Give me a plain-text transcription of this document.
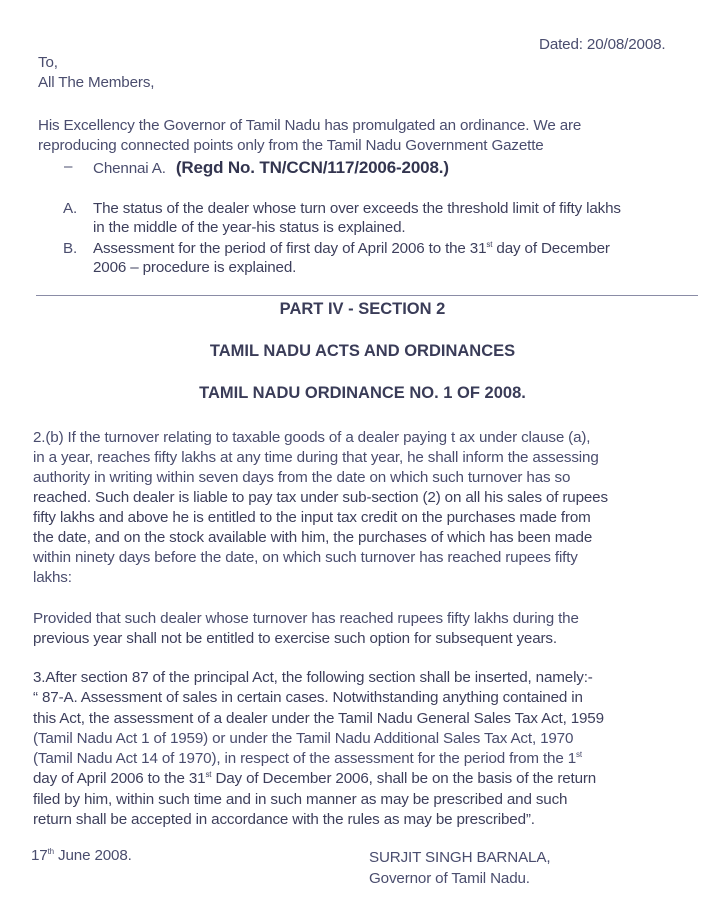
Dated: 20/08/2008.
To,
All The Members,
His Excellency the Governor of Tamil Nadu has promulgated an ordinance. We are
reproducing connected points only from the Tamil Nadu Government Gazette
– Chennai A. (Regd No. TN/CCN/117/2006-2008.)
A. The status of the dealer whose turn over exceeds the threshold limit of fifty lakhs
in the middle of the year-his status is explained.
B. Assessment for the period of first day of April 2006 to the 31st day of December
2006 – procedure is explained.
PART IV - SECTION 2
TAMIL NADU ACTS AND ORDINANCES
TAMIL NADU ORDINANCE NO. 1 OF 2008.
2.(b) If the turnover relating to taxable goods of a dealer paying t ax under clause (a),
in a year, reaches fifty lakhs at any time during that year, he shall inform the assessing
authority in writing within seven days from the date on which such turnover has so
reached. Such dealer is liable to pay tax under sub-section (2) on all his sales of rupees
fifty lakhs and above he is entitled to the input tax credit on the purchases made from
the date, and on the stock available with him, the purchases of which has been made
within ninety days before the date, on which such turnover has reached rupees fifty
lakhs:
Provided that such dealer whose turnover has reached rupees fifty lakhs during the
previous year shall not be entitled to exercise such option for subsequent years.
3.After section 87 of the principal Act, the following section shall be inserted, namely:-
“ 87-A. Assessment of sales in certain cases. Notwithstanding anything contained in
this Act, the assessment of a dealer under the Tamil Nadu General Sales Tax Act, 1959
(Tamil Nadu Act 1 of 1959) or under the Tamil Nadu Additional Sales Tax Act, 1970
(Tamil Nadu Act 14 of 1970), in respect of the assessment for the period from the 1st
day of April 2006 to the 31st Day of December 2006, shall be on the basis of the return
filed by him, within such time and in such manner as may be prescribed and such
return shall be accepted in accordance with the rules as may be prescribed”.
17th June 2008.	SURJIT SINGH BARNALA,
Governor of Tamil Nadu.
